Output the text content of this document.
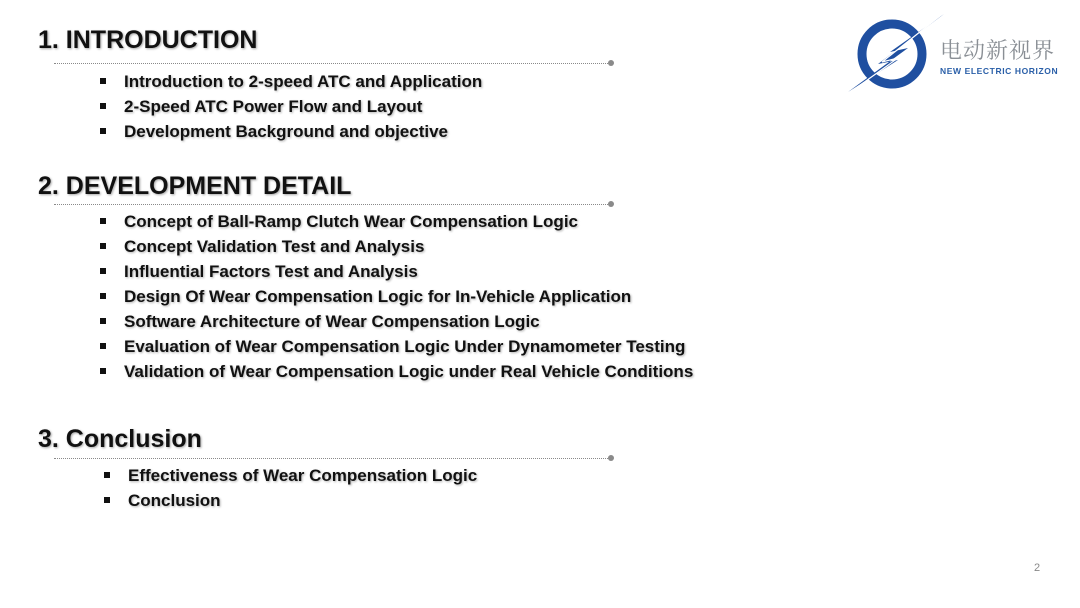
1. INTRODUCTION
Introduction to 2-speed ATC and Application
2-Speed ATC Power Flow and Layout
Development Background and objective
2. DEVELOPMENT DETAIL
Concept of Ball-Ramp Clutch Wear Compensation Logic
Concept Validation Test and Analysis
Influential Factors Test and Analysis
Design Of Wear Compensation Logic for In-Vehicle Application
Software Architecture of Wear Compensation Logic
Evaluation of Wear Compensation Logic Under Dynamometer Testing
Validation of Wear Compensation Logic under Real Vehicle Conditions
3. Conclusion
Effectiveness of Wear Compensation Logic
Conclusion
电动新视界
NEW ELECTRIC HORIZON
2
